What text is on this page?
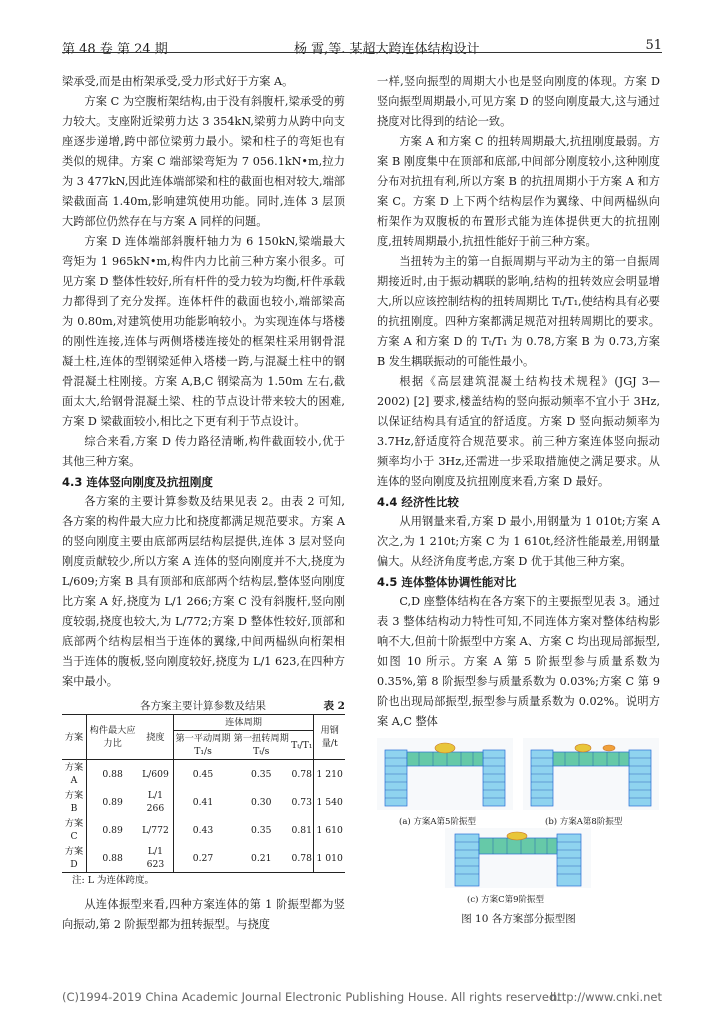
第 48 卷 第 24 期	杨 霄,等. 某超大跨连体结构设计	51

梁承受,而是由桁架承受,受力形式好于方案 A。

方案 C 为空腹桁架结构,由于没有斜腹杆,梁承受的剪力较大。支座附近梁剪力达 3 354kN,梁剪力从跨中向支座逐步递增,跨中部位梁剪力最小。梁和柱子的弯矩也有类似的规律。方案 C 端部梁弯矩为 7 056.1kN•m,拉力为 3 477kN,因此连体端部梁和柱的截面也相对较大,端部梁截面高 1.40m,影响建筑使用功能。同时,连体 3 层顶大跨部位仍然存在与方案 A 同样的问题。

方案 D 连体端部斜腹杆轴力为 6 150kN,梁端最大弯矩为 1 965kN•m,构件内力比前三种方案小很多。可见方案 D 整体性较好,所有杆件的受力较为均衡,杆件承载力都得到了充分发挥。连体杆件的截面也较小,端部梁高为 0.80m,对建筑使用功能影响较小。为实现连体与塔楼的刚性连接,连体与两侧塔楼连接处的框架柱采用钢骨混凝土柱,连体的型钢梁延伸入塔楼一跨,与混凝土柱中的钢骨混凝土柱刚接。方案 A,B,C 钢梁高为 1.50m 左右,截面太大,给钢骨混凝土梁、柱的节点设计带来较大的困难,方案 D 梁截面较小,相比之下更有利于节点设计。

综合来看,方案 D 传力路径清晰,构件截面较小,优于其他三种方案。

4.3 连体竖向刚度及抗扭刚度

各方案的主要计算参数及结果见表 2。由表 2 可知,各方案的构件最大应力比和挠度都满足规范要求。方案 A 的竖向刚度主要由底部两层结构层提供,连体 3 层对竖向刚度贡献较少,所以方案 A 连体的竖向刚度并不大,挠度为 L/609;方案 B 具有顶部和底部两个结构层,整体竖向刚度比方案 A 好,挠度为 L/1 266;方案 C 没有斜腹杆,竖向刚度较弱,挠度也较大,为 L/772;方案 D 整体性较好,顶部和底部两个结构层相当于连体的翼缘,中间两榀纵向桁架相当于连体的腹板,竖向刚度较好,挠度为 L/1 623,在四种方案中最小。

各方案主要计算参数及结果	表 2
方案	构件最大应力比	挠度	连体周期			用钢量/t
			第一平动周期 T₁/s	第一扭转周期 Tₜ/s	Tₜ/T₁	
方案 A	0.88	L/609	0.45	0.35	0.78	1 210
方案 B	0.89	L/1 266	0.41	0.30	0.73	1 540
方案 C	0.89	L/772	0.43	0.35	0.81	1 610
方案 D	0.88	L/1 623	0.27	0.21	0.78	1 010
注: L 为连体跨度。

从连体振型来看,四种方案连体的第 1 阶振型都为竖向振动,第 2 阶振型都为扭转振型。与挠度

一样,竖向振型的周期大小也是竖向刚度的体现。方案 D 竖向振型周期最小,可见方案 D 的竖向刚度最大,这与通过挠度对比得到的结论一致。

方案 A 和方案 C 的扭转周期最大,抗扭刚度最弱。方案 B 刚度集中在顶部和底部,中间部分刚度较小,这种刚度分布对抗扭有利,所以方案 B 的抗扭周期小于方案 A 和方案 C。方案 D 上下两个结构层作为翼缘、中间两榀纵向桁架作为双腹板的布置形式能为连体提供更大的抗扭刚度,扭转周期最小,抗扭性能好于前三种方案。

当扭转为主的第一自振周期与平动为主的第一自振周期接近时,由于振动耦联的影响,结构的扭转效应会明显增大,所以应该控制结构的扭转周期比 Tₜ/T₁,使结构具有必要的抗扭刚度。四种方案都满足规范对扭转周期比的要求。方案 A 和方案 D 的 Tₜ/T₁ 为 0.78,方案 B 为 0.73,方案 B 发生耦联振动的可能性最小。

根据《高层建筑混凝土结构技术规程》(JGJ 3—2002) [2] 要求,楼盖结构的竖向振动频率不宜小于 3Hz,以保证结构具有适宜的舒适度。方案 D 竖向振动频率为 3.7Hz,舒适度符合规范要求。前三种方案连体竖向振动频率均小于 3Hz,还需进一步采取措施使之满足要求。从连体的竖向刚度及抗扭刚度来看,方案 D 最好。

4.4 经济性比较

从用钢量来看,方案 D 最小,用钢量为 1 010t;方案 A 次之,为 1 210t;方案 C 为 1 610t,经济性能最差,用钢量偏大。从经济角度考虑,方案 D 优于其他三种方案。

4.5 连体整体协调性能对比

C,D 座整体结构在各方案下的主要振型见表 3。通过表 3 整体结构动力特性可知,不同连体方案对整体结构影响不大,但前十阶振型中方案 A、方案 C 均出现局部振型,如图 10 所示。方案 A 第 5 阶振型参与质量系数为 0.35%,第 8 阶振型参与质量系数为 0.03%;方案 C 第 9 阶也出现局部振型,振型参与质量系数为 0.02%。说明方案 A,C 整体

(a) 方案A第5阶振型	(b) 方案A第8阶振型
(c) 方案C第9阶振型
图 10 各方案部分振型图
(C)1994-2019 China Academic Journal Electronic Publishing House. All rights reserved.
http://www.cnki.net
